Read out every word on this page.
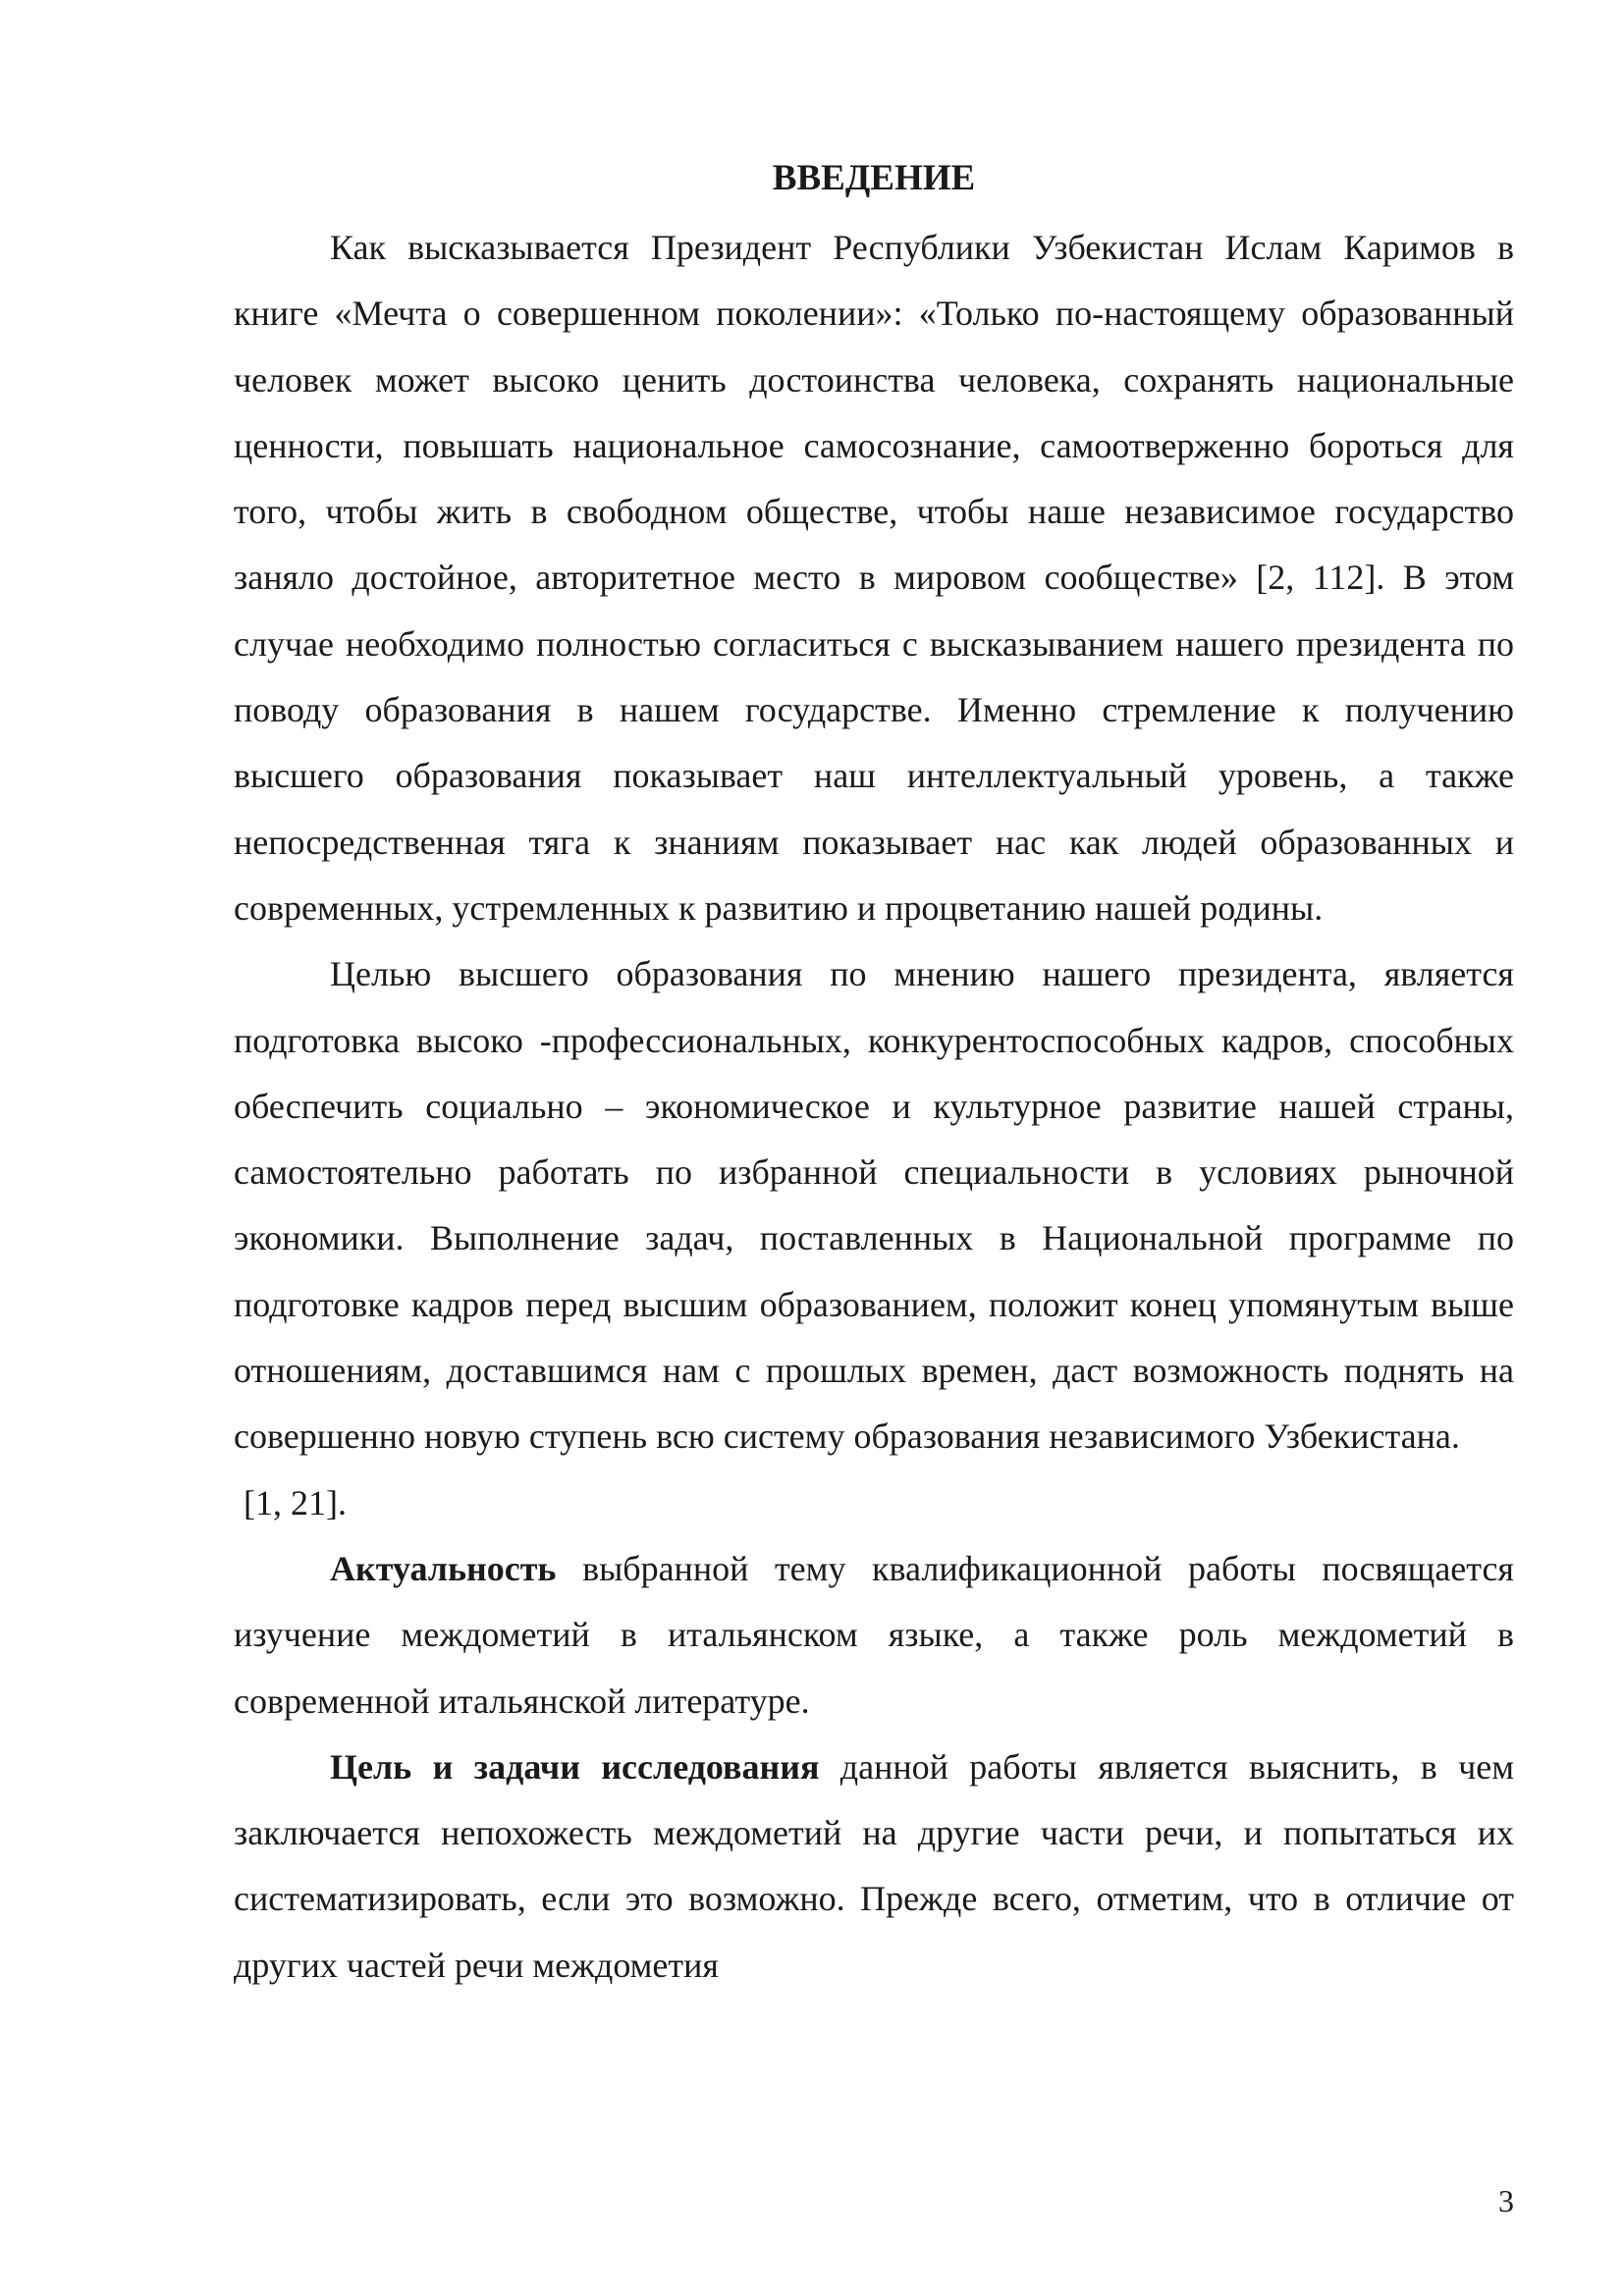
ВВЕДЕНИЕ

Как высказывается Президент Республики Узбекистан Ислам Каримов в книге «Мечта о совершенном поколении»: «Только по-настоящему образованный человек может высоко ценить достоинства человека, сохранять национальные ценности, повышать национальное самосознание, самоотверженно бороться для того, чтобы жить в свободном обществе, чтобы наше независимое государство заняло достойное, авторитетное место в мировом сообществе» [2, 112]. В этом случае необходимо полностью согласиться с высказыванием нашего президента по поводу образования в нашем государстве. Именно стремление к получению высшего образования показывает наш интеллектуальный уровень, а также непосредственная тяга к знаниям показывает нас как людей образованных и современных, устремленных к развитию и процветанию нашей родины.

Целью высшего образования по мнению нашего президента, является подготовка высоко -профессиональных, конкурентоспособных кадров, способных обеспечить социально – экономическое и культурное развитие нашей страны, самостоятельно работать по избранной специальности в условиях рыночной экономики. Выполнение задач, поставленных в Национальной программе по подготовке кадров перед высшим образованием, положит конец упомянутым выше отношениям, доставшимся нам с прошлых времен, даст возможность поднять на совершенно новую ступень всю систему образования независимого Узбекистана.

[1, 21].

Актуальность выбранной тему квалификационной работы посвящается изучение междометий в итальянском языке, а также роль междометий в современной итальянской литературе.

Цель и задачи исследования данной работы является выяснить, в чем заключается непохожесть междометий на другие части речи, и попытаться их систематизировать, если это возможно. Прежде всего, отметим, что в отличие от других частей речи междометия

3
